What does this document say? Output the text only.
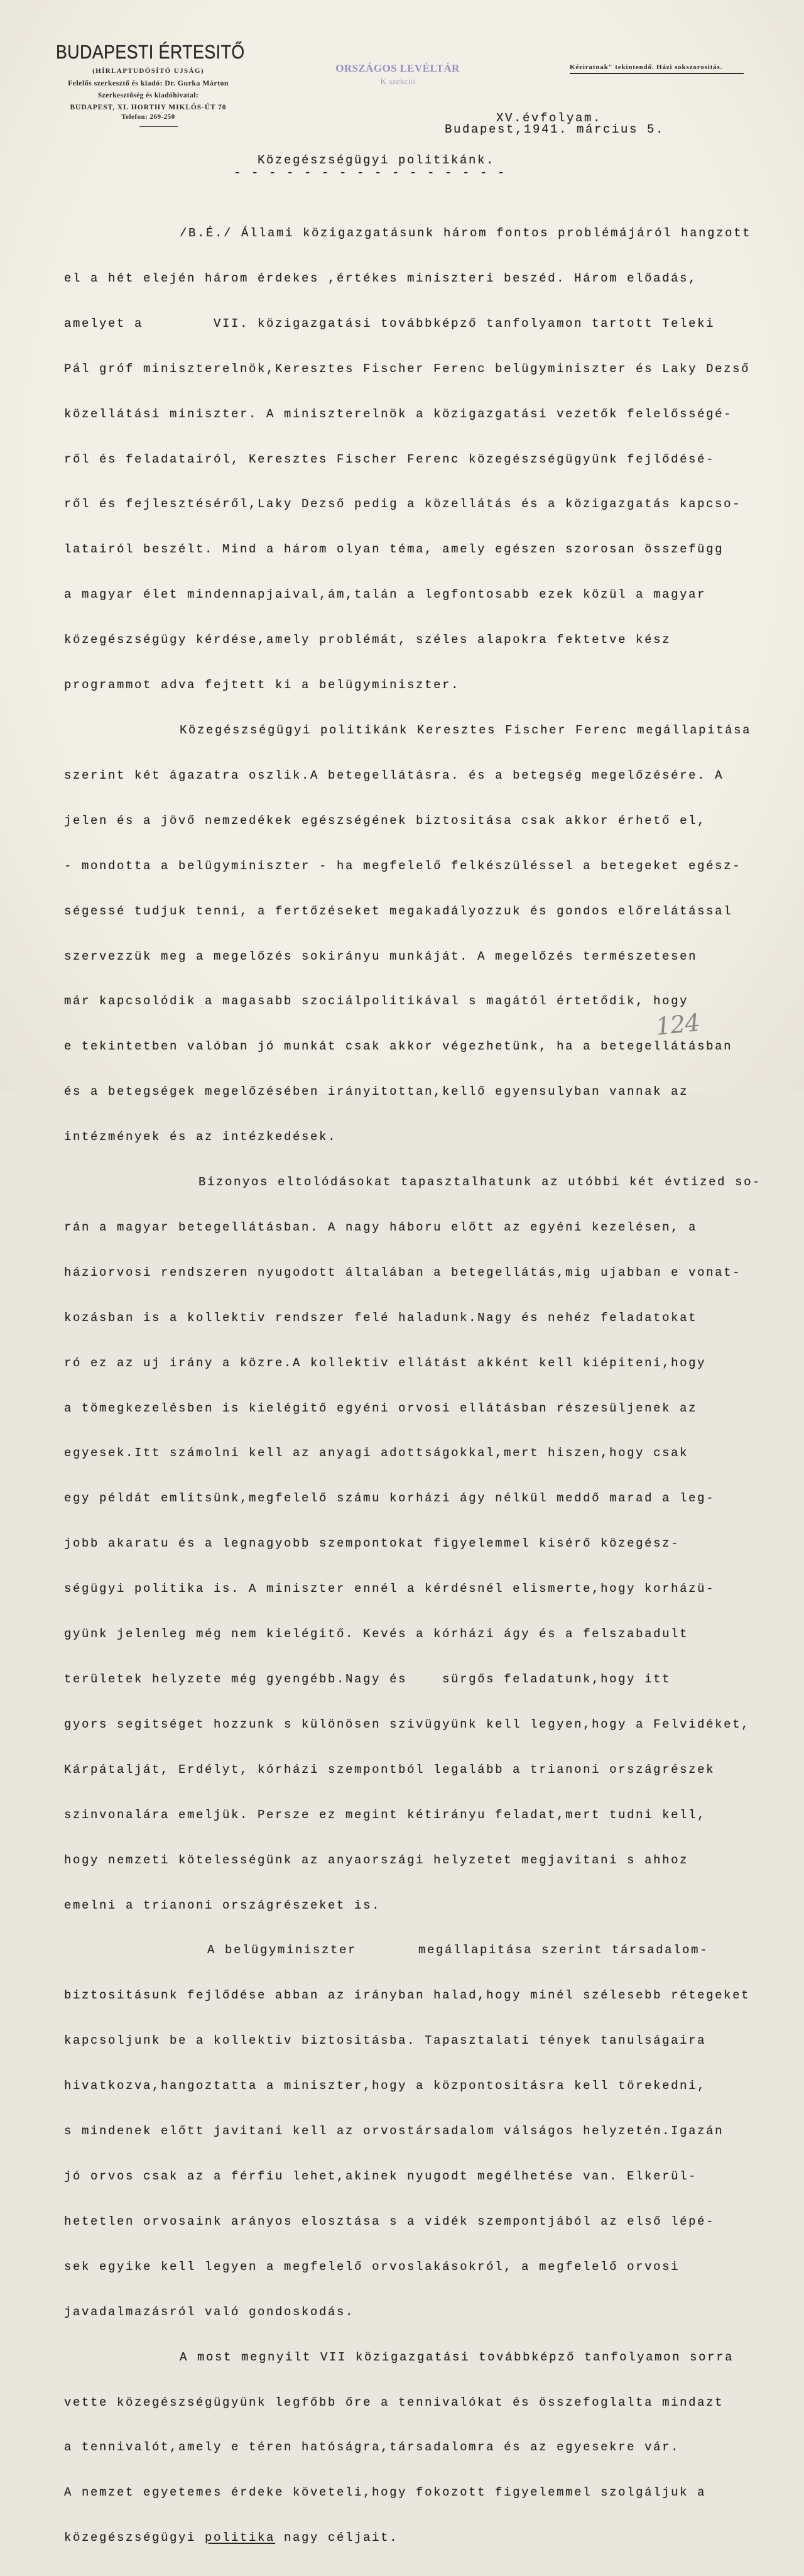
BUDAPESTI ÉRTESITŐ
(HÍRLAPTUDÓSÍTÓ UJSÁG)
Felelős szerkesztő és kiadó: Dr. Gurka Márton
Szerkesztőség és kiadóhivatal:
BUDAPEST, XI. HORTHY MIKLÓS-ÚT 70
Telefon: 269-250
ORSZÁGOS LEVÉLTÁR
K szekció
Kéziratnak" tekintendő. Házi sokszorositás.
XV.évfolyam.
Budapest,1941. március 5.
Közegészségügyi politikánk.
- - - - - - - - - - - - - - - -

/B.É./ Állami közigazgatásunk három fontos problémájáról hangzott

el a hét elején három érdekes ,értékes miniszteri beszéd. Három előadás,

amelyet a        VII. közigazgatási továbbképző tanfolyamon tartott Teleki

Pál gróf miniszterelnök,Keresztes Fischer Ferenc belügyminiszter és Laky Dezső

közellátási miniszter. A miniszterelnök a közigazgatási vezetők felelősségé-

ről és feladatairól, Keresztes Fischer Ferenc közegészségügyünk fejlődésé-

ről és fejlesztéséről,Laky Dezső pedig a közellátás és a közigazgatás kapcso-

latairól beszélt. Mind a három olyan téma, amely egészen szorosan összefügg

a magyar élet mindennapjaival,ám,talán a legfontosabb ezek közül a magyar

közegészségügy kérdése,amely problémát, széles alapokra fektetve kész

programmot adva fejtett ki a belügyminiszter.

Közegészségügyi politikánk Keresztes Fischer Ferenc megállapitása

szerint két ágazatra oszlik.A betegellátásra. és a betegség megelőzésére. A

jelen és a jövő nemzedékek egészségének biztositása csak akkor érhető el,

- mondotta a belügyminiszter - ha megfelelő felkészüléssel a betegeket egész-

ségessé tudjuk tenni, a fertőzéseket megakadályozzuk és gondos előrelátással

szervezzük meg a megelőzés sokirányu munkáját. A megelőzés természetesen

már kapcsolódik a magasabb szociálpolitikával s magától értetődik, hogy

e tekintetben valóban jó munkát csak akkor végezhetünk, ha a betegellátásban

és a betegségek megelőzésében irányitottan,kellő egyensulyban vannak az

intézmények és az intézkedések.

Bizonyos eltolódásokat tapasztalhatunk az utóbbi két évtized so-

rán a magyar betegellátásban. A nagy háboru előtt az egyéni kezelésen, a

háziorvosi rendszeren nyugodott általában a betegellátás,mig ujabban e vonat-

kozásban is a kollektiv rendszer felé haladunk.Nagy és nehéz feladatokat

ró ez az uj irány a közre.A kollektiv ellátást akként kell kiépiteni,hogy

a tömegkezelésben is kielégitő egyéni orvosi ellátásban részesüljenek az

egyesek.Itt számolni kell az anyagi adottságokkal,mert hiszen,hogy csak

egy példát emlitsünk,megfelelő számu korházi ágy nélkül meddő marad a leg-

jobb akaratu és a legnagyobb szempontokat figyelemmel kisérő közegész-

ségügyi politika is. A miniszter ennél a kérdésnél elismerte,hogy korházü-

gyünk jelenleg még nem kielégitő. Kevés a kórházi ágy és a felszabadult

területek helyzete még gyengébb.Nagy és    sürgős feladatunk,hogy itt

gyors segitséget hozzunk s különösen szivügyünk kell legyen,hogy a Felvidéket,

Kárpátalját, Erdélyt, kórházi szempontból legalább a trianoni országrészek

szinvonalára emeljük. Persze ez megint kétirányu feladat,mert tudni kell,

hogy nemzeti kötelességünk az anyaországi helyzetet megjavitani s ahhoz

emelni a trianoni országrészeket is.

A belügyminiszter       megállapitása szerint társadalom-

biztositásunk fejlődése abban az irányban halad,hogy minél szélesebb rétegeket

kapcsoljunk be a kollektiv biztositásba. Tapasztalati tények tanulságaira

hivatkozva,hangoztatta a miniszter,hogy a központositásra kell törekedni,

s mindenek előtt javitani kell az orvostársadalom válságos helyzetén.Igazán

jó orvos csak az a férfiu lehet,akinek nyugodt megélhetése van. Elkerül-

hetetlen orvosaink arányos elosztása s a vidék szempontjából az első lépé-

sek egyike kell legyen a megfelelő orvoslakásokról, a megfelelő orvosi

javadalmazásról való gondoskodás.

A most megnyilt VII közigazgatási továbbképző tanfolyamon sorra

vette közegészségügyünk legfőbb őre a tennivalókat és összefoglalta mindazt

a tennivalót,amely e téren hatóságra,társadalomra és az egyesekre vár.

A nemzet egyetemes érdeke követeli,hogy fokozott figyelemmel szolgáljuk a

közegészségügyi politika nagy céljait.

124
